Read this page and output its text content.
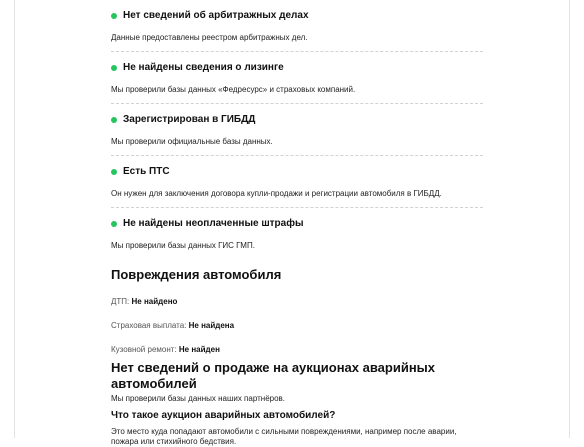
Нет сведений об арбитражных делах
Данные предоставлены реестром арбитражных дел.
Не найдены сведения о лизинге
Мы проверили базы данных «Федресурс» и страховых компаний.
Зарегистрирован в ГИБДД
Мы проверили официальные базы данных.
Есть ПТС
Он нужен для заключения договора купли-продажи и регистрации автомобиля в ГИБДД.
Не найдены неоплаченные штрафы
Мы проверили базы данных ГИС ГМП.
Повреждения автомобиля
ДТП: Не найдено
Страховая выплата: Не найдена
Кузовной ремонт: Не найден
Нет сведений о продаже на аукционах аварийных автомобилей
Мы проверили базы данных наших партнёров.
Что такое аукцион аварийных автомобилей?
Это место куда попадают автомобили с сильными повреждениями, например после аварии, пожара или стихийного бедствия.
